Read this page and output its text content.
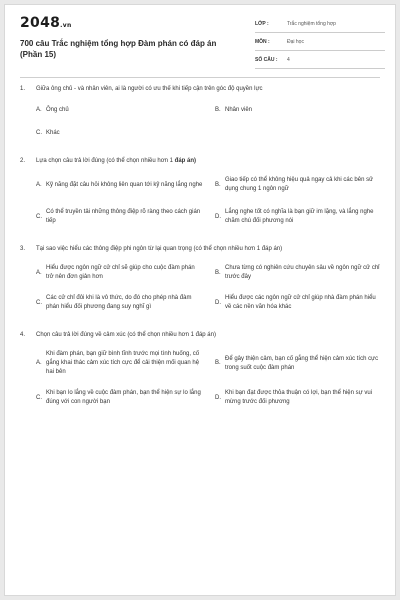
2048.vn
700 câu Trắc nghiệm tổng hợp Đàm phán có đáp án (Phần 15)
LỚP :	Trắc nghiệm tổng hợp
MÔN :	Đại học
SỐ CÂU :	4
1.	Giữa ông chủ - và nhân viên, ai là người có ưu thế khi tiếp cận trên góc độ quyền lực
A. Ông chủ	B. Nhân viên
C. Khác
2.	Lựa chọn câu trả lời đúng (có thể chọn nhiều hơn 1 đáp án)
A. Kỹ năng đặt câu hỏi không liên quan tới kỹ năng lắng nghe B.
Giao tiếp có thể không hiệu quả ngay cả khi các bên sử dụng chung 1 ngôn ngữ
C.
Có thể truyền tải những thông điệp rõ ràng theo cách gián tiếp
D.
Lắng nghe tốt có nghĩa là bạn giữ im lặng, và lắng nghe chăm chú đối phương nói
3.	Tại sao việc hiểu các thông điệp phi ngôn từ lại quan trọng (có thể chọn nhiều hơn 1 đáp án)
A.
Hiểu được ngôn ngữ cử chỉ sẽ giúp cho cuộc đàm phán trở nên đơn giản hơn
B.
Chưa từng có nghiên cứu chuyên sâu về ngôn ngữ cử chỉ trước đây
C.
Các cử chỉ đôi khi là vô thức, do đó cho phép nhà đàm phán hiểu đối phương đang suy nghĩ gì
D.
Hiểu được các ngôn ngữ cử chỉ giúp nhà đàm phán hiểu về các nền văn hóa khác
4.	Chọn câu trả lời đúng về cảm xúc (có thể chọn nhiều hơn 1 đáp án)
A.
Khi đàm phán, bạn giữ bình tĩnh trước mọi tình huống, cố gắng khai thác cảm xúc tích cực để cải thiện mối quan hệ hai bên
B.
Để gây thiện cảm, bạn cố gắng thể hiện cảm xúc tích cực trong suốt cuộc đàm phán
C.
Khi bạn lo lắng về cuộc đàm phán, bạn thể hiện sự lo lắng đúng với con người bạn
D.
Khi bạn đạt được thỏa thuận có lợi, bạn thể hiện sự vui mừng trước đối phương
